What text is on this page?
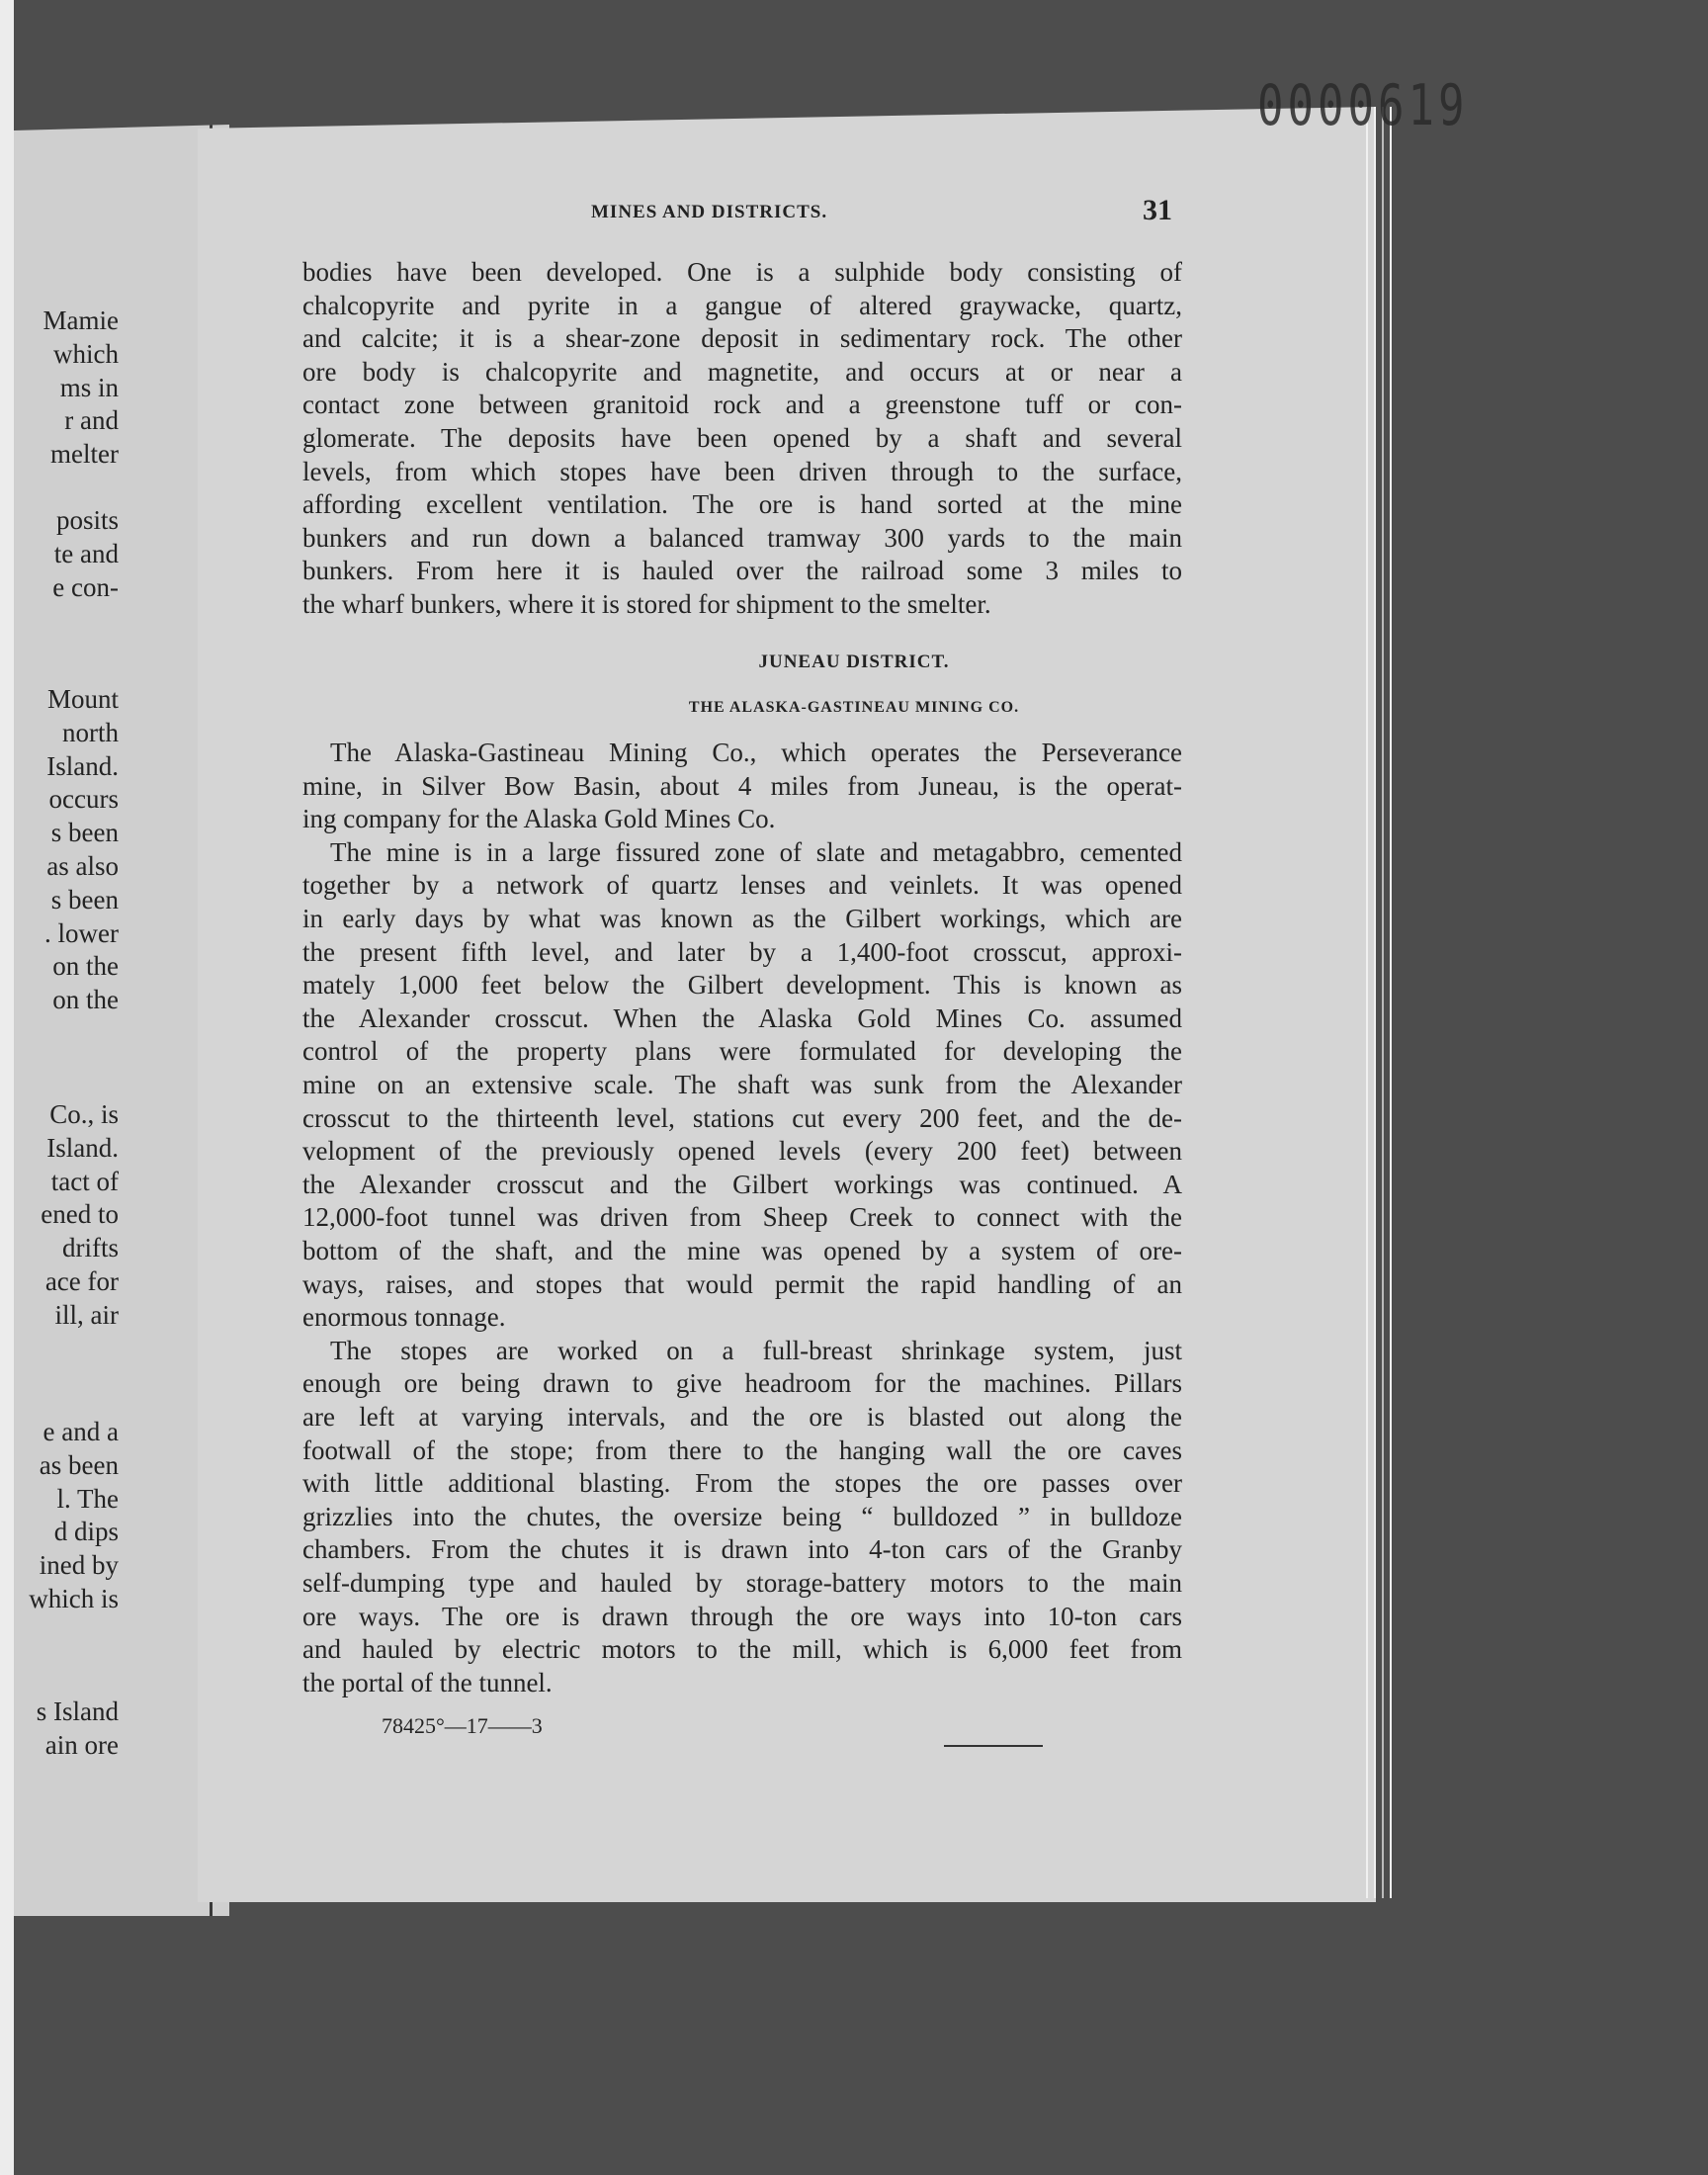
0000619
MINES AND DISTRICTS.	31
Mamie
which
ms in
r and
melter
posits
te and
e con-
Mount
north
Island.
occurs
s been
as also
s been
. lower
on the
on the
Co., is
Island.
tact of
ened to
drifts
ace for
ill, air
e and a
as been
l. The
d dips
ined by
which is
s Island
ain ore
bodies have been developed. One is a sulphide body consisting of
chalcopyrite and pyrite in a gangue of altered graywacke, quartz,
and calcite; it is a shear-zone deposit in sedimentary rock. The other
ore body is chalcopyrite and magnetite, and occurs at or near a
contact zone between granitoid rock and a greenstone tuff or con-
glomerate. The deposits have been opened by a shaft and several
levels, from which stopes have been driven through to the surface,
affording excellent ventilation. The ore is hand sorted at the mine
bunkers and run down a balanced tramway 300 yards to the main
bunkers. From here it is hauled over the railroad some 3 miles to
the wharf bunkers, where it is stored for shipment to the smelter.
JUNEAU DISTRICT.
THE ALASKA-GASTINEAU MINING CO.
The Alaska-Gastineau Mining Co., which operates the Perseverance
mine, in Silver Bow Basin, about 4 miles from Juneau, is the operat-
ing company for the Alaska Gold Mines Co.
The mine is in a large fissured zone of slate and metagabbro, cemented
together by a network of quartz lenses and veinlets. It was opened
in early days by what was known as the Gilbert workings, which are
the present fifth level, and later by a 1,400-foot crosscut, approxi-
mately 1,000 feet below the Gilbert development. This is known as
the Alexander crosscut. When the Alaska Gold Mines Co. assumed
control of the property plans were formulated for developing the
mine on an extensive scale. The shaft was sunk from the Alexander
crosscut to the thirteenth level, stations cut every 200 feet, and the de-
velopment of the previously opened levels (every 200 feet) between
the Alexander crosscut and the Gilbert workings was continued. A
12,000-foot tunnel was driven from Sheep Creek to connect with the
bottom of the shaft, and the mine was opened by a system of ore-
ways, raises, and stopes that would permit the rapid handling of an
enormous tonnage.
The stopes are worked on a full-breast shrinkage system, just
enough ore being drawn to give headroom for the machines. Pillars
are left at varying intervals, and the ore is blasted out along the
footwall of the stope; from there to the hanging wall the ore caves
with little additional blasting. From the stopes the ore passes over
grizzlies into the chutes, the oversize being “ bulldozed ” in bulldoze
chambers. From the chutes it is drawn into 4-ton cars of the Granby
self-dumping type and hauled by storage-battery motors to the main
ore ways. The ore is drawn through the ore ways into 10-ton cars
and hauled by electric motors to the mill, which is 6,000 feet from
the portal of the tunnel.
78425°—17——3
